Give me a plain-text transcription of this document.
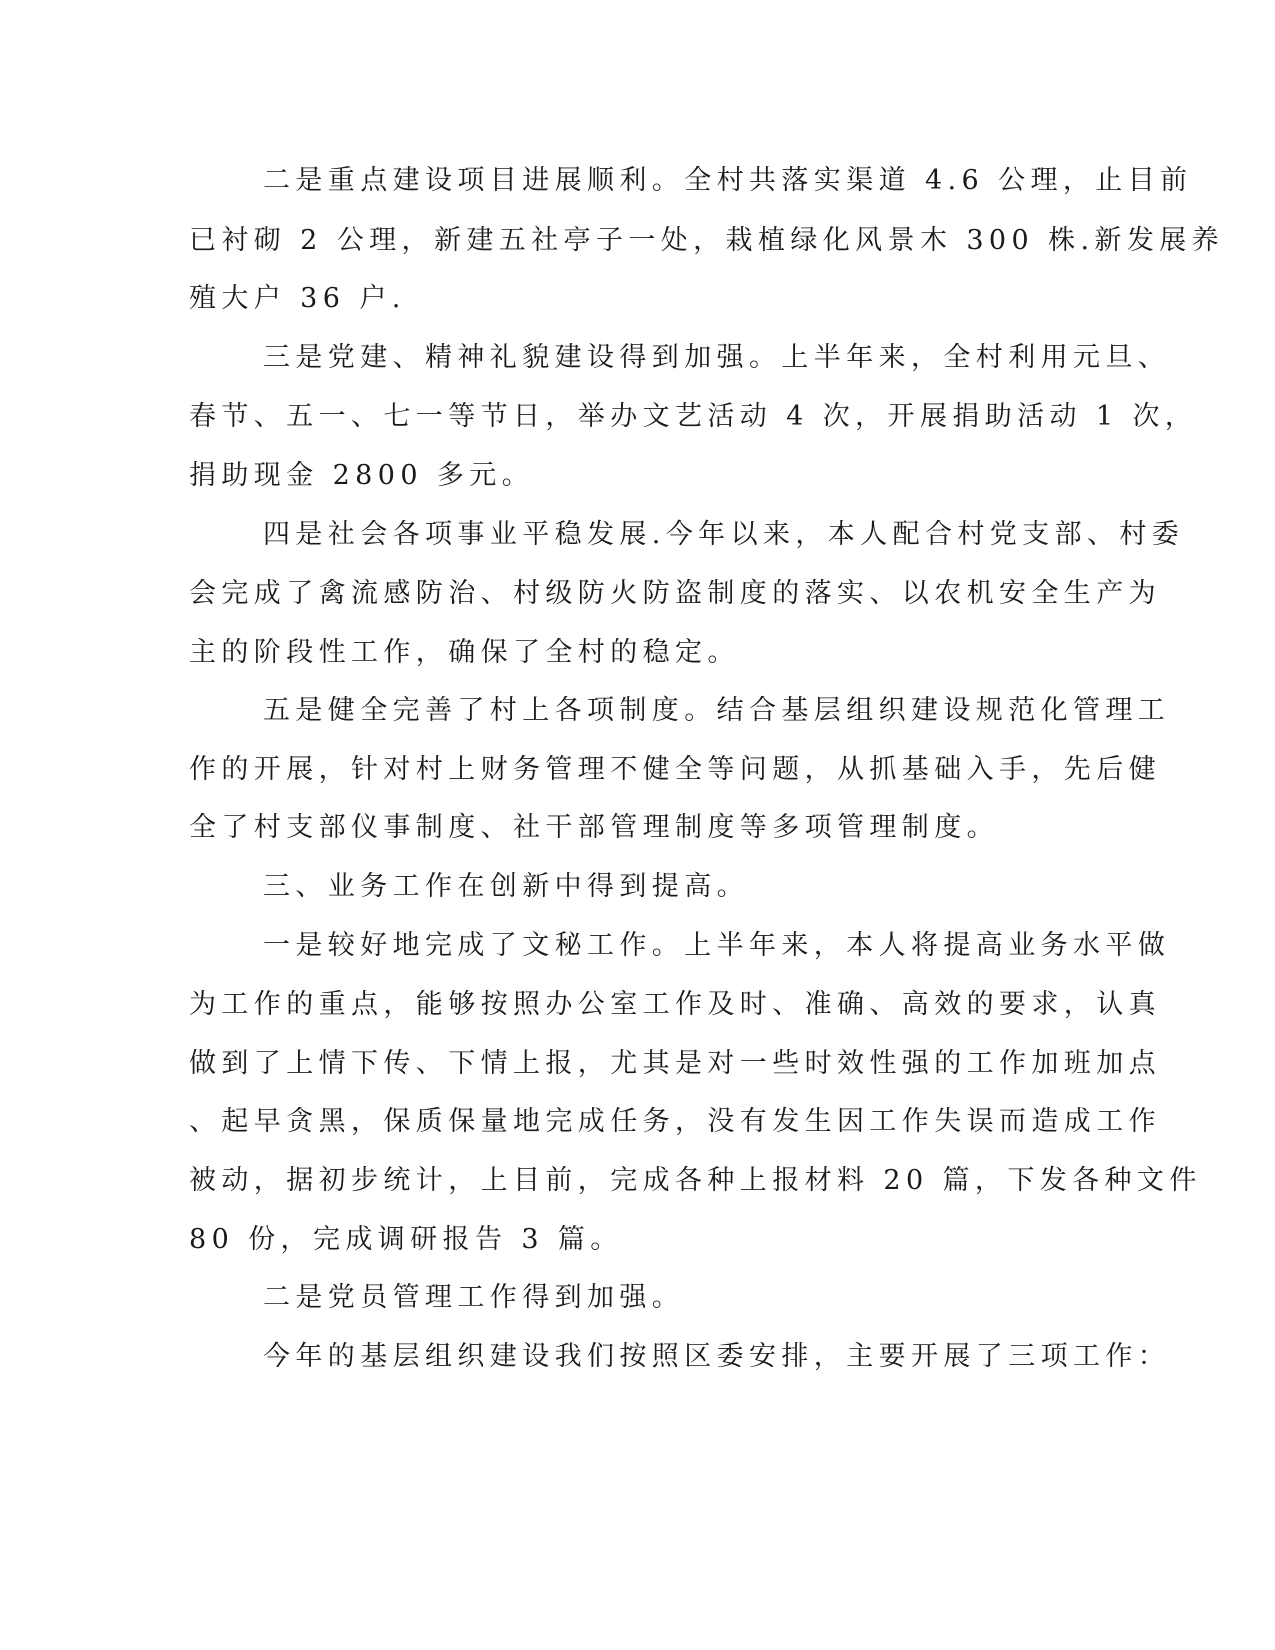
二是重点建设项目进展顺利。全村共落实渠道 4.6 公理，止目前
已衬砌 2 公理，新建五社亭子一处，栽植绿化风景木 300 株.新发展养
殖大户 36 户.
三是党建、精神礼貌建设得到加强。上半年来，全村利用元旦、
春节、五一、七一等节日，举办文艺活动 4 次，开展捐助活动 1 次，
捐助现金 2800 多元。
四是社会各项事业平稳发展.今年以来，本人配合村党支部、村委
会完成了禽流感防治、村级防火防盗制度的落实、以农机安全生产为
主的阶段性工作，确保了全村的稳定。
五是健全完善了村上各项制度。结合基层组织建设规范化管理工
作的开展，针对村上财务管理不健全等问题，从抓基础入手，先后健
全了村支部仪事制度、社干部管理制度等多项管理制度。
三、业务工作在创新中得到提高。
一是较好地完成了文秘工作。上半年来，本人将提高业务水平做
为工作的重点，能够按照办公室工作及时、准确、高效的要求，认真
做到了上情下传、下情上报，尤其是对一些时效性强的工作加班加点
、起早贪黑，保质保量地完成任务，没有发生因工作失误而造成工作
被动，据初步统计，上目前，完成各种上报材料 20 篇，下发各种文件
80 份，完成调研报告 3 篇。
二是党员管理工作得到加强。
今年的基层组织建设我们按照区委安排，主要开展了三项工作：
